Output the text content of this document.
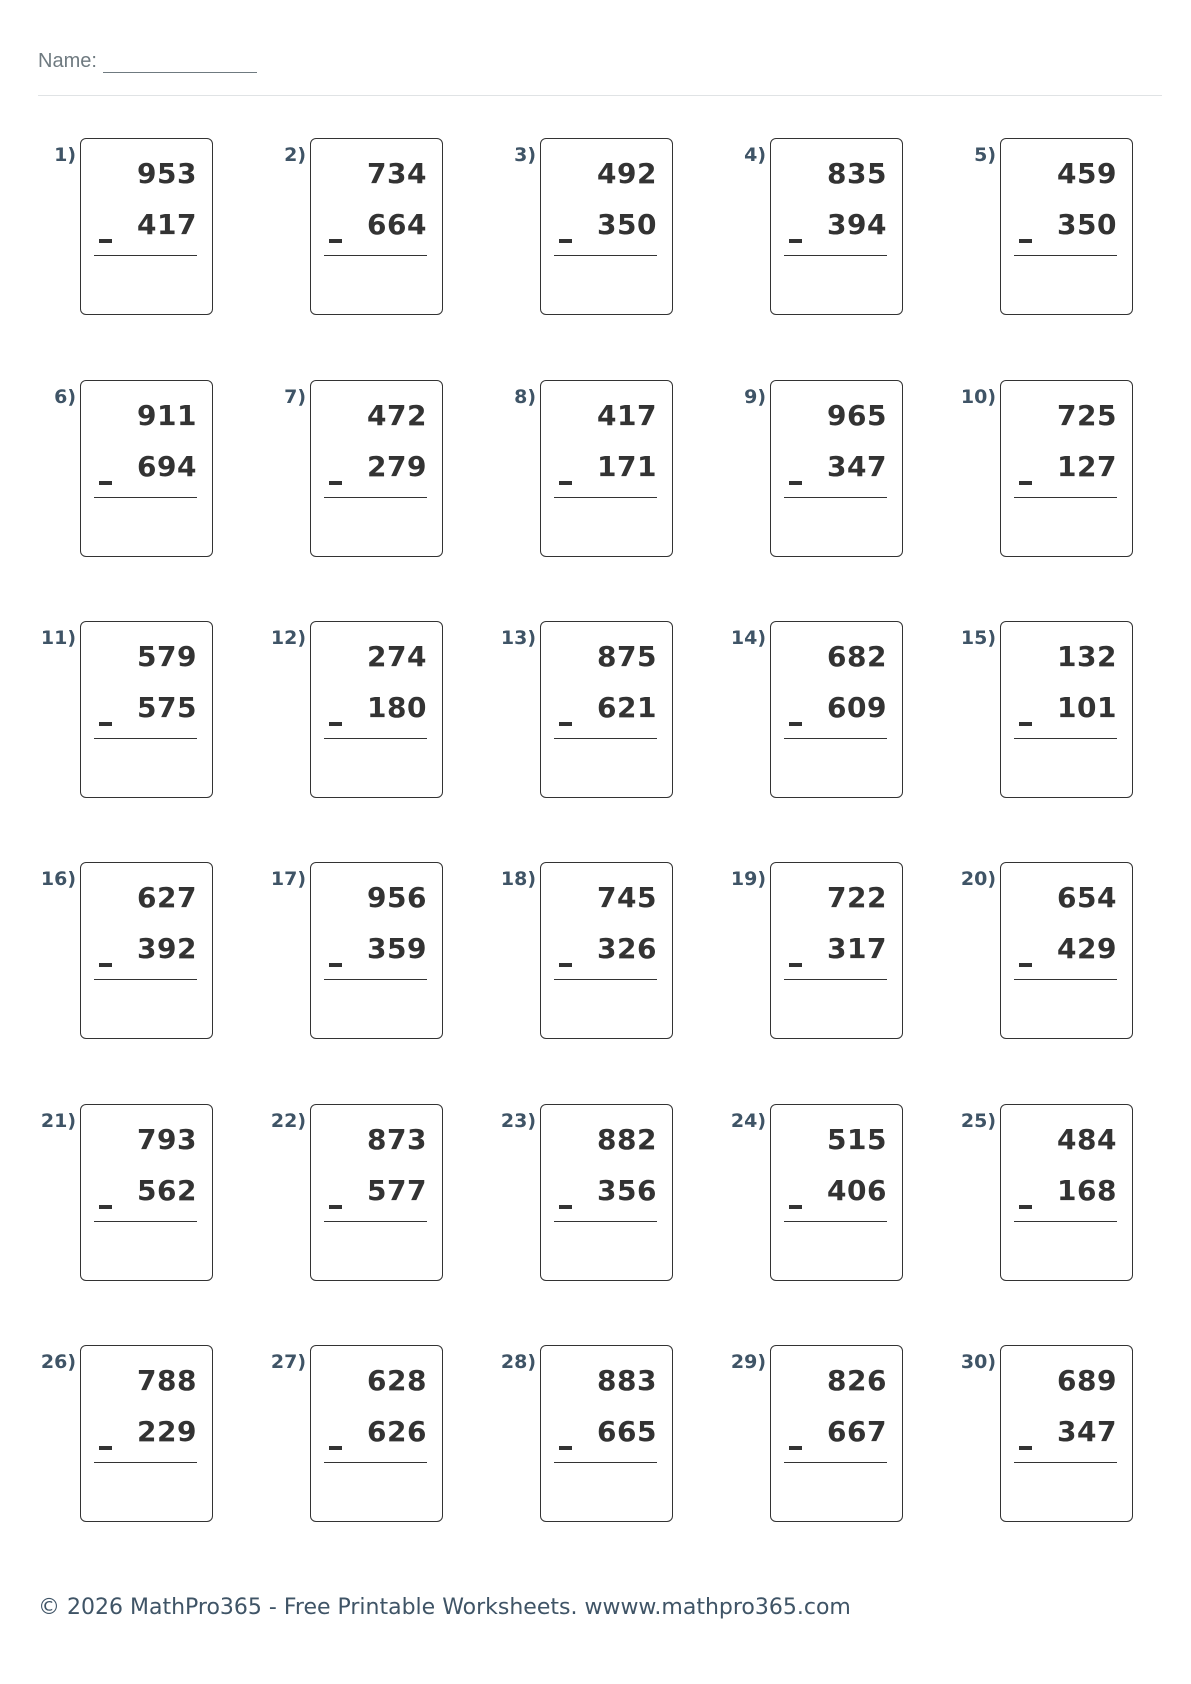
Name:
1)
953
417
2)
734
664
3)
492
350
4)
835
394
5)
459
350
6)
911
694
7)
472
279
8)
417
171
9)
965
347
10)
725
127
11)
579
575
12)
274
180
13)
875
621
14)
682
609
15)
132
101
16)
627
392
17)
956
359
18)
745
326
19)
722
317
20)
654
429
21)
793
562
22)
873
577
23)
882
356
24)
515
406
25)
484
168
26)
788
229
27)
628
626
28)
883
665
29)
826
667
30)
689
347
© 2026 MathPro365 - Free Printable Worksheets. wwww.mathpro365.com
